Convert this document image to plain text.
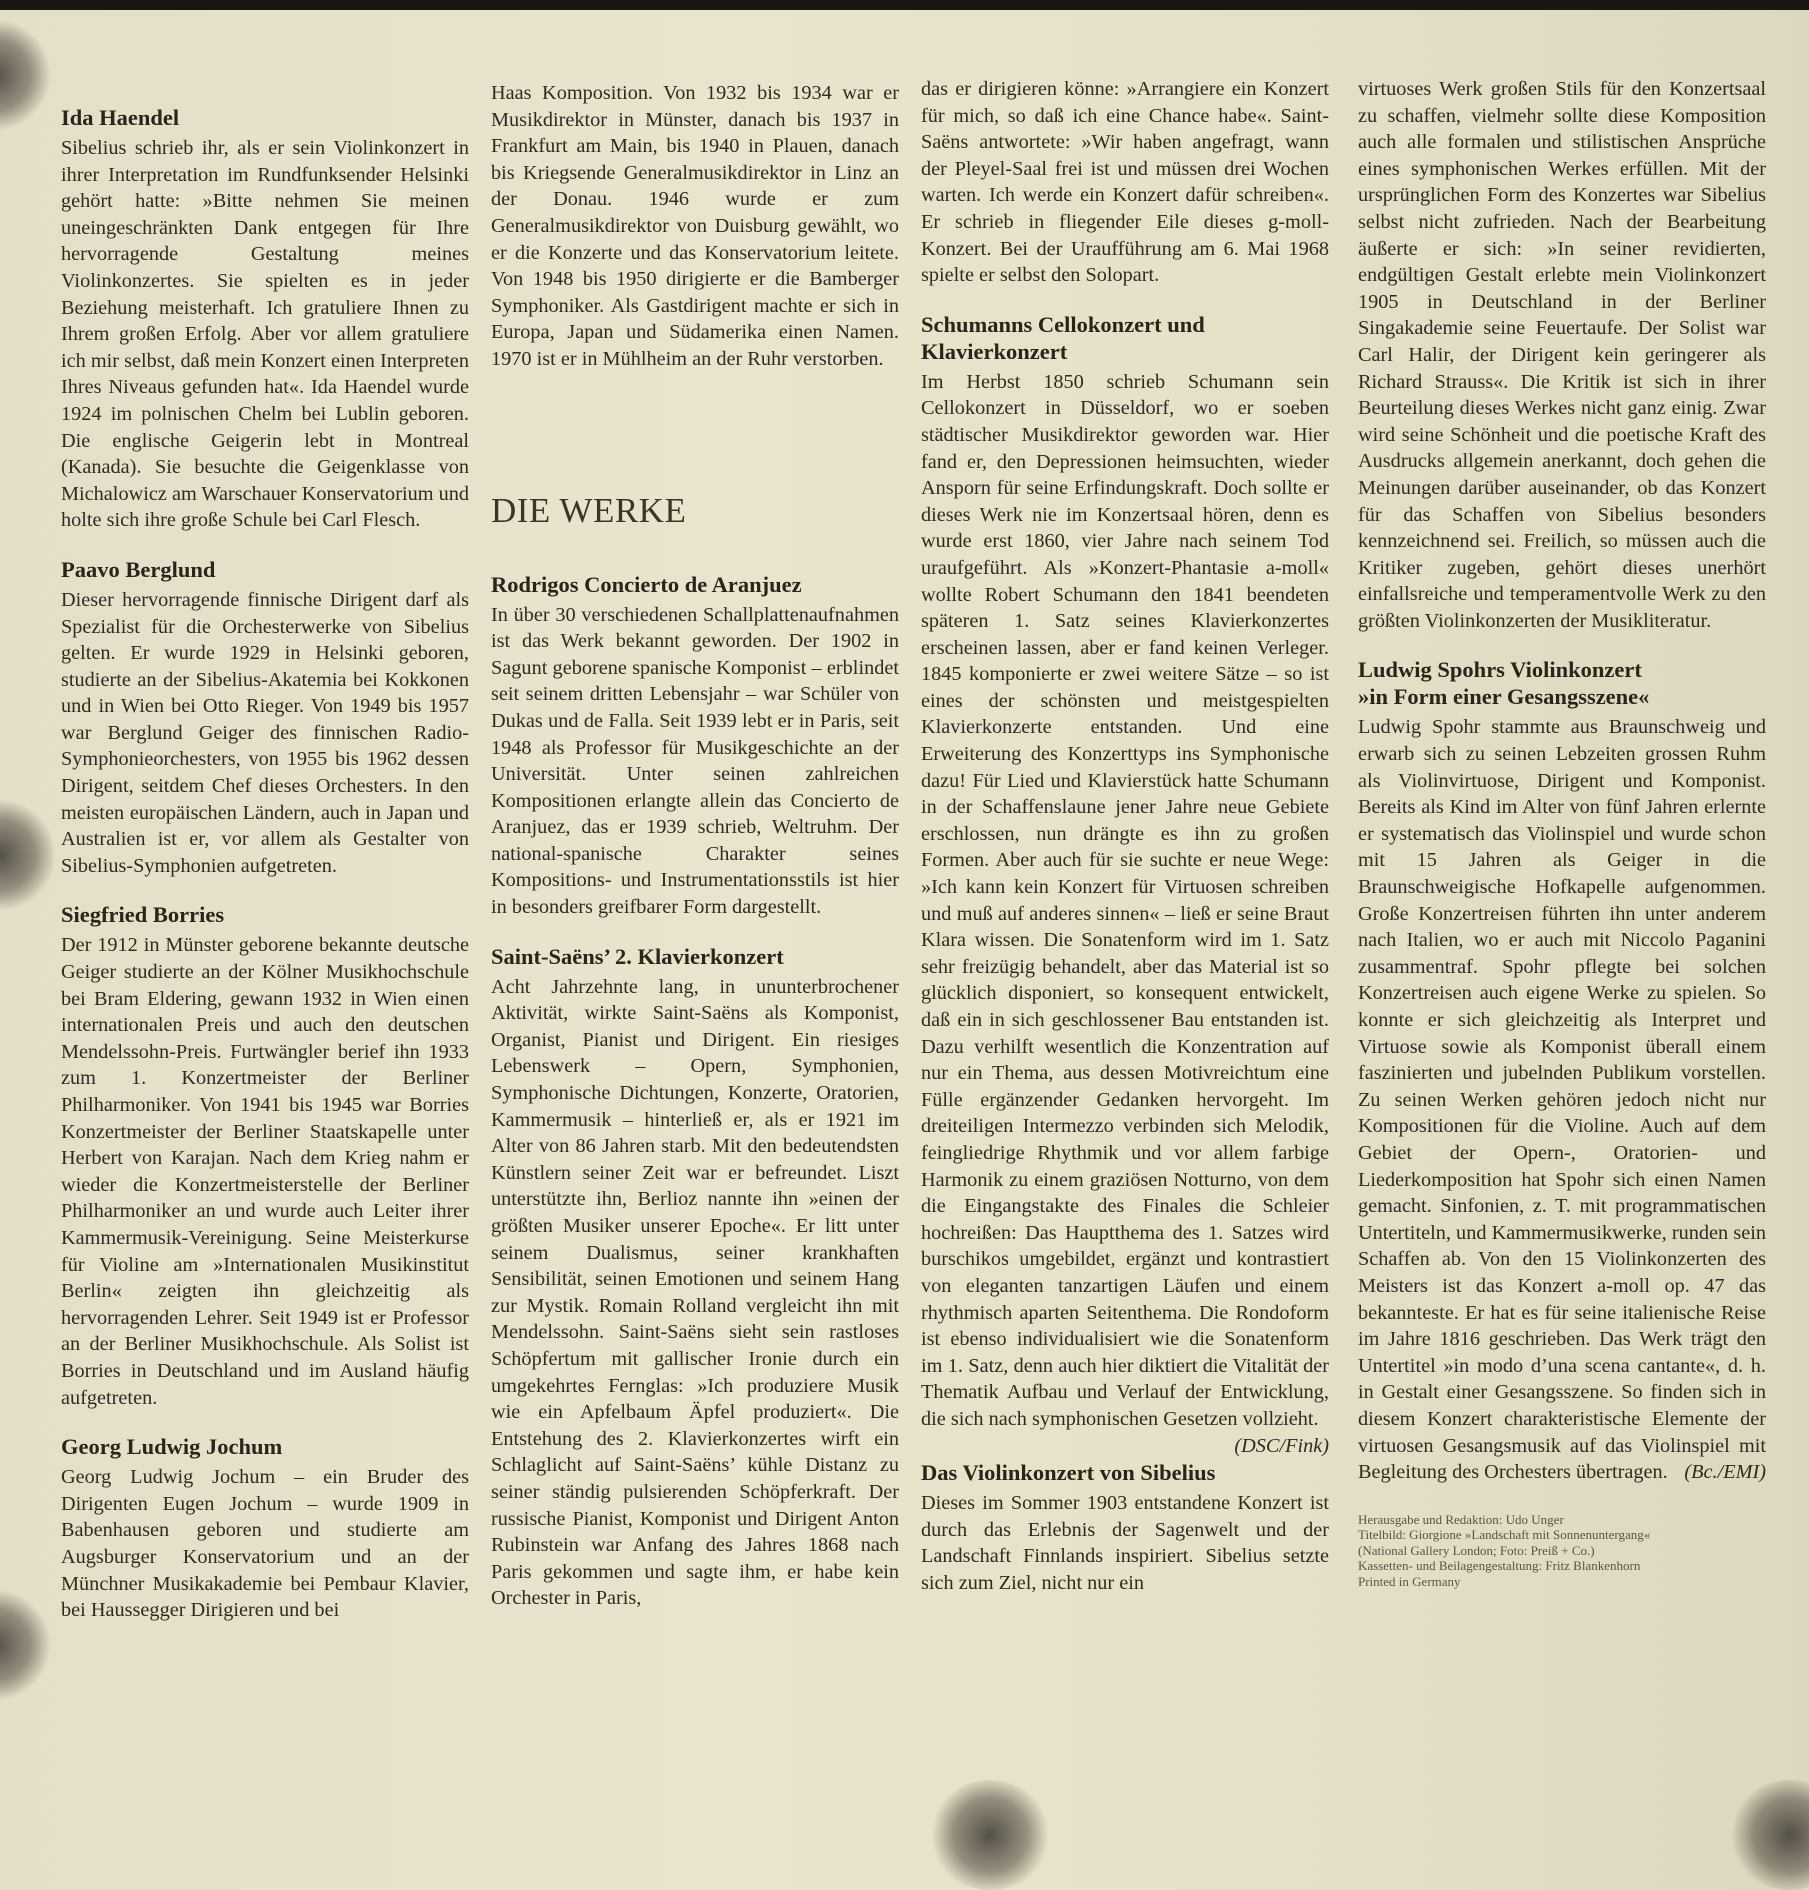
Ida Haendel

Sibelius schrieb ihr, als er sein Violinkonzert in ihrer Interpretation im Rundfunksender Helsinki gehört hatte: »Bitte nehmen Sie meinen uneingeschränkten Dank entgegen für Ihre hervorragende Gestaltung meines Violinkonzertes. Sie spielten es in jeder Beziehung meisterhaft. Ich gratuliere Ihnen zu Ihrem großen Erfolg. Aber vor allem gratuliere ich mir selbst, daß mein Konzert einen Interpreten Ihres Niveaus gefunden hat«. Ida Haendel wurde 1924 im polnischen Chelm bei Lublin geboren. Die englische Geigerin lebt in Montreal (Kanada). Sie besuchte die Geigenklasse von Michalowicz am Warschauer Konservatorium und holte sich ihre große Schule bei Carl Flesch.

Paavo Berglund

Dieser hervorragende finnische Dirigent darf als Spezialist für die Orchesterwerke von Sibelius gelten. Er wurde 1929 in Helsinki geboren, studierte an der Sibelius-Akatemia bei Kokkonen und in Wien bei Otto Rieger. Von 1949 bis 1957 war Berglund Geiger des finnischen Radio-Symphonieorchesters, von 1955 bis 1962 dessen Dirigent, seitdem Chef dieses Orchesters. In den meisten europäischen Ländern, auch in Japan und Australien ist er, vor allem als Gestalter von Sibelius-Symphonien aufgetreten.

Siegfried Borries

Der 1912 in Münster geborene bekannte deutsche Geiger studierte an der Kölner Musikhochschule bei Bram Eldering, gewann 1932 in Wien einen internationalen Preis und auch den deutschen Mendelssohn-Preis. Furtwängler berief ihn 1933 zum 1. Konzertmeister der Berliner Philharmoniker. Von 1941 bis 1945 war Borries Konzertmeister der Berliner Staatskapelle unter Herbert von Karajan. Nach dem Krieg nahm er wieder die Konzertmeisterstelle der Berliner Philharmoniker an und wurde auch Leiter ihrer Kammermusik-Vereinigung. Seine Meisterkurse für Violine am »Internationalen Musikinstitut Berlin« zeigten ihn gleichzeitig als hervorragenden Lehrer. Seit 1949 ist er Professor an der Berliner Musikhochschule. Als Solist ist Borries in Deutschland und im Ausland häufig aufgetreten.

Georg Ludwig Jochum

Georg Ludwig Jochum – ein Bruder des Dirigenten Eugen Jochum – wurde 1909 in Babenhausen geboren und studierte am Augsburger Konservatorium und an der Münchner Musikakademie bei Pembaur Klavier, bei Haussegger Dirigieren und bei

Haas Komposition. Von 1932 bis 1934 war er Musikdirektor in Münster, danach bis 1937 in Frankfurt am Main, bis 1940 in Plauen, danach bis Kriegsende Generalmusikdirektor in Linz an der Donau. 1946 wurde er zum Generalmusikdirektor von Duisburg gewählt, wo er die Konzerte und das Konservatorium leitete. Von 1948 bis 1950 dirigierte er die Bamberger Symphoniker. Als Gastdirigent machte er sich in Europa, Japan und Südamerika einen Namen. 1970 ist er in Mühlheim an der Ruhr verstorben.

DIE WERKE
Rodrigos Concierto de Aranjuez

In über 30 verschiedenen Schallplattenaufnahmen ist das Werk bekannt geworden. Der 1902 in Sagunt geborene spanische Komponist – erblindet seit seinem dritten Lebensjahr – war Schüler von Dukas und de Falla. Seit 1939 lebt er in Paris, seit 1948 als Professor für Musikgeschichte an der Universität. Unter seinen zahlreichen Kompositionen erlangte allein das Concierto de Aranjuez, das er 1939 schrieb, Weltruhm. Der national-spanische Charakter seines Kompositions- und Instrumentationsstils ist hier in besonders greifbarer Form dargestellt.

Saint-Saëns’ 2. Klavierkonzert

Acht Jahrzehnte lang, in ununterbrochener Aktivität, wirkte Saint-Saëns als Komponist, Organist, Pianist und Dirigent. Ein riesiges Lebenswerk – Opern, Symphonien, Symphonische Dichtungen, Konzerte, Oratorien, Kammermusik – hinterließ er, als er 1921 im Alter von 86 Jahren starb. Mit den bedeutendsten Künstlern seiner Zeit war er befreundet. Liszt unterstützte ihn, Berlioz nannte ihn »einen der größten Musiker unserer Epoche«. Er litt unter seinem Dualismus, seiner krankhaften Sensibilität, seinen Emotionen und seinem Hang zur Mystik. Romain Rolland vergleicht ihn mit Mendelssohn. Saint-Saëns sieht sein rastloses Schöpfertum mit gallischer Ironie durch ein umgekehrtes Fernglas: »Ich produziere Musik wie ein Apfelbaum Äpfel produziert«. Die Entstehung des 2. Klavierkonzertes wirft ein Schlaglicht auf Saint-Saëns’ kühle Distanz zu seiner ständig pulsierenden Schöpferkraft. Der russische Pianist, Komponist und Dirigent Anton Rubinstein war Anfang des Jahres 1868 nach Paris gekommen und sagte ihm, er habe kein Orchester in Paris,

das er dirigieren könne: »Arrangiere ein Konzert für mich, so daß ich eine Chance habe«. Saint-Saëns antwortete: »Wir haben angefragt, wann der Pleyel-Saal frei ist und müssen drei Wochen warten. Ich werde ein Konzert dafür schreiben«. Er schrieb in fliegender Eile dieses g-moll-Konzert. Bei der Uraufführung am 6. Mai 1968 spielte er selbst den Solopart.

Schumanns Cellokonzert und Klavierkonzert

Im Herbst 1850 schrieb Schumann sein Cellokonzert in Düsseldorf, wo er soeben städtischer Musikdirektor geworden war. Hier fand er, den Depressionen heimsuchten, wieder Ansporn für seine Erfindungskraft. Doch sollte er dieses Werk nie im Konzertsaal hören, denn es wurde erst 1860, vier Jahre nach seinem Tod uraufgeführt. Als »Konzert-Phantasie a-moll« wollte Robert Schumann den 1841 beendeten späteren 1. Satz seines Klavierkonzertes erscheinen lassen, aber er fand keinen Verleger. 1845 komponierte er zwei weitere Sätze – so ist eines der schönsten und meistgespielten Klavierkonzerte entstanden. Und eine Erweiterung des Konzerttyps ins Symphonische dazu! Für Lied und Klavierstück hatte Schumann in der Schaffenslaune jener Jahre neue Gebiete erschlossen, nun drängte es ihn zu großen Formen. Aber auch für sie suchte er neue Wege: »Ich kann kein Konzert für Virtuosen schreiben und muß auf anderes sinnen« – ließ er seine Braut Klara wissen. Die Sonatenform wird im 1. Satz sehr freizügig behandelt, aber das Material ist so glücklich disponiert, so konsequent entwickelt, daß ein in sich geschlossener Bau entstanden ist. Dazu verhilft wesentlich die Konzentration auf nur ein Thema, aus dessen Motivreichtum eine Fülle ergänzender Gedanken hervorgeht. Im dreiteiligen Intermezzo verbinden sich Melodik, feingliedrige Rhythmik und vor allem farbige Harmonik zu einem graziösen Notturno, von dem die Eingangstakte des Finales die Schleier hochreißen: Das Hauptthema des 1. Satzes wird burschikos umgebildet, ergänzt und kontrastiert von eleganten tanzartigen Läufen und einem rhythmisch aparten Seitenthema. Die Rondoform ist ebenso individualisiert wie die Sonatenform im 1. Satz, denn auch hier diktiert die Vitalität der Thematik Aufbau und Verlauf der Entwicklung, die sich nach symphonischen Gesetzen vollzieht.
(DSC/Fink)

Das Violinkonzert von Sibelius

Dieses im Sommer 1903 entstandene Konzert ist durch das Erlebnis der Sagenwelt und der Landschaft Finnlands inspiriert. Sibelius setzte sich zum Ziel, nicht nur ein

virtuoses Werk großen Stils für den Konzertsaal zu schaffen, vielmehr sollte diese Komposition auch alle formalen und stilistischen Ansprüche eines symphonischen Werkes erfüllen. Mit der ursprünglichen Form des Konzertes war Sibelius selbst nicht zufrieden. Nach der Bearbeitung äußerte er sich: »In seiner revidierten, endgültigen Gestalt erlebte mein Violinkonzert 1905 in Deutschland in der Berliner Singakademie seine Feuertaufe. Der Solist war Carl Halir, der Dirigent kein geringerer als Richard Strauss«. Die Kritik ist sich in ihrer Beurteilung dieses Werkes nicht ganz einig. Zwar wird seine Schönheit und die poetische Kraft des Ausdrucks allgemein anerkannt, doch gehen die Meinungen darüber auseinander, ob das Konzert für das Schaffen von Sibelius besonders kennzeichnend sei. Freilich, so müssen auch die Kritiker zugeben, gehört dieses unerhört einfallsreiche und temperamentvolle Werk zu den größten Violinkonzerten der Musikliteratur.

Ludwig Spohrs Violinkonzert
»in Form einer Gesangsszene«

Ludwig Spohr stammte aus Braunschweig und erwarb sich zu seinen Lebzeiten grossen Ruhm als Violinvirtuose, Dirigent und Komponist. Bereits als Kind im Alter von fünf Jahren erlernte er systematisch das Violinspiel und wurde schon mit 15 Jahren als Geiger in die Braunschweigische Hofkapelle aufgenommen. Große Konzertreisen führten ihn unter anderem nach Italien, wo er auch mit Niccolo Paganini zusammentraf. Spohr pflegte bei solchen Konzertreisen auch eigene Werke zu spielen. So konnte er sich gleichzeitig als Interpret und Virtuose sowie als Komponist überall einem faszinierten und jubelnden Publikum vorstellen. Zu seinen Werken gehören jedoch nicht nur Kompositionen für die Violine. Auch auf dem Gebiet der Opern-, Oratorien- und Liederkomposition hat Spohr sich einen Namen gemacht. Sinfonien, z. T. mit programmatischen Untertiteln, und Kammermusikwerke, runden sein Schaffen ab. Von den 15 Violinkonzerten des Meisters ist das Konzert a-moll op. 47 das bekannteste. Er hat es für seine italienische Reise im Jahre 1816 geschrieben. Das Werk trägt den Untertitel »in modo d’una scena cantante«, d. h. in Gestalt einer Gesangsszene. So finden sich in diesem Konzert charakteristische Elemente der virtuosen Gesangsmusik auf das Violinspiel mit Begleitung des Orchesters übertragen. (Bc./EMI)

Herausgabe und Redaktion: Udo Unger
Titelbild: Giorgione »Landschaft mit Sonnenuntergang«
(National Gallery London; Foto: Preiß + Co.)
Kassetten- und Beilagengestaltung: Fritz Blankenhorn
Printed in Germany
